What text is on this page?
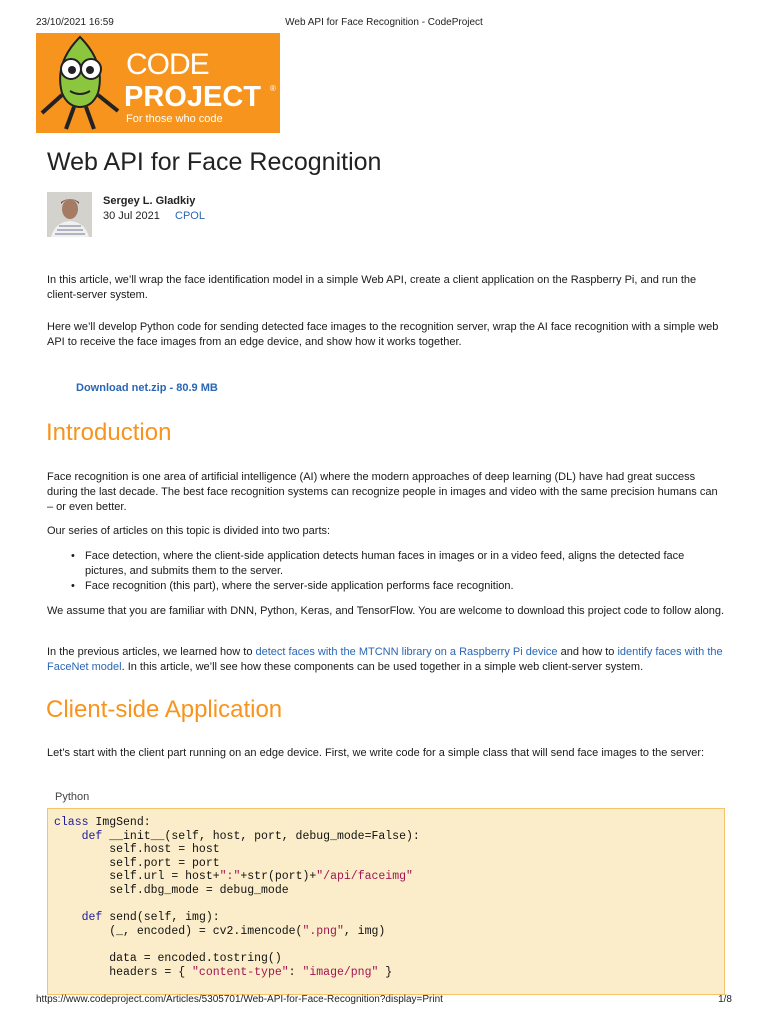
23/10/2021 16:59	Web API for Face Recognition - CodeProject
CODE
PROJECT ®
For those who code
Web API for Face Recognition
Sergey L. Gladkiy
30 Jul 2021 CPOL

In this article, we’ll wrap the face identification model in a simple Web API, create a client application on the Raspberry Pi, and run the client-server system.

Here we’ll develop Python code for sending detected face images to the recognition server, wrap the AI face recognition with a simple web API to receive the face images from an edge device, and show how it works together.

Download net.zip - 80.9 MB
Introduction

Face recognition is one area of artificial intelligence (AI) where the modern approaches of deep learning (DL) have had great success during the last decade. The best face recognition systems can recognize people in images and video with the same precision humans can – or even better.

Our series of articles on this topic is divided into two parts:

• Face detection, where the client-side application detects human faces in images or in a video feed, aligns the detected face pictures, and submits them to the server.
• Face recognition (this part), where the server-side application performs face recognition.

We assume that you are familiar with DNN, Python, Keras, and TensorFlow. You are welcome to download this project code to follow along.

In the previous articles, we learned how to detect faces with the MTCNN library on a Raspberry Pi device and how to identify faces with the FaceNet model. In this article, we’ll see how these components can be used together in a simple web client-server system.

Client-side Application

Let’s start with the client part running on an edge device. First, we write code for a simple class that will send face images to the server:

Python
class ImgSend:
def __init__(self, host, port, debug_mode=False):
self.host = host
self.port = port
self.url = host+":"+str(port)+"/api/faceimg"
self.dbg_mode = debug_mode

def send(self, img):
(_, encoded) = cv2.imencode(".png", img)

data = encoded.tostring()
headers = { "content-type": "image/png" }
https://www.codeproject.com/Articles/5305701/Web-API-for-Face-Recognition?display=Print	1/8
